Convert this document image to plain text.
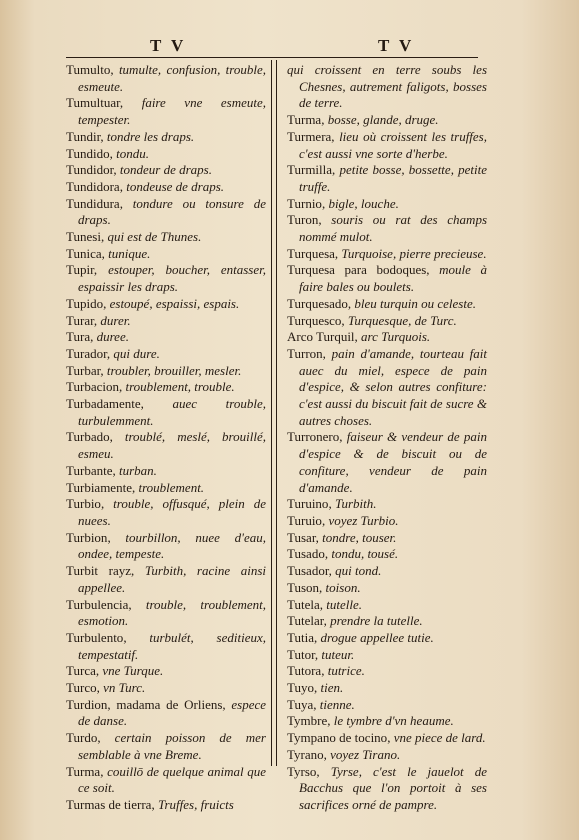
T V	T V
Tumulto, tumulte, confusion, trouble, esmeute.
Tumultuar, faire vne esmeute, tempester.
Tundir, tondre les draps.
Tundido, tondu.
Tundidor, tondeur de draps.
Tundidora, tondeuse de draps.
Tundidura, tondure ou tonsure de draps.
Tunesi, qui est de Thunes.
Tunica, tunique.
Tupir, estouper, boucher, entasser, espaissir les draps.
Tupido, estoupé, espaissi, espais.
Turar, durer.
Tura, duree.
Turador, qui dure.
Turbar, troubler, brouiller, mesler.
Turbacion, troublement, trouble.
Turbadamente, auec trouble, turbulemment.
Turbado, troublé, meslé, brouillé, esmeu.
Turbante, turban.
Turbiamente, troublement.
Turbio, trouble, offusqué, plein de nuees.
Turbion, tourbillon, nuee d'eau, ondee, tempeste.
Turbit rayz, Turbith, racine ainsi appellee.
Turbulencia, trouble, troublement, esmotion.
Turbulento, turbulét, seditieux, tempestatif.
Turca, vne Turque.
Turco, vn Turc.
Turdion, madama de Orliens, espece de danse.
Turdo, certain poisson de mer semblable à vne Breme.
Turma, couillō de quelque animal que ce soit.
Turmas de tierra, Truffes, fruicts
qui croissent en terre soubs les Chesnes, autrement faligots, bosses de terre.
Turma, bosse, glande, druge.
Turmera, lieu où croissent les truffes, c'est aussi vne sorte d'herbe.
Turmilla, petite bosse, bossette, petite truffe.
Turnio, bigle, louche.
Turon, souris ou rat des champs nommé mulot.
Turquesa, Turquoise, pierre precieuse.
Turquesa para bodoques, moule à faire bales ou boulets.
Turquesado, bleu turquin ou celeste.
Turquesco, Turquesque, de Turc.
Arco Turquil, arc Turquois.
Turron, pain d'amande, tourteau fait auec du miel, espece de pain d'espice, & selon autres confiture: c'est aussi du biscuit fait de sucre & autres choses.
Turronero, faiseur & vendeur de pain d'espice & de biscuit ou de confiture, vendeur de pain d'amande.
Turuino, Turbith.
Turuio, voyez Turbio.
Tusar, tondre, touser.
Tusado, tondu, tousé.
Tusador, qui tond.
Tuson, toison.
Tutela, tutelle.
Tutelar, prendre la tutelle.
Tutia, drogue appellee tutie.
Tutor, tuteur.
Tutora, tutrice.
Tuyo, tien.
Tuya, tienne.
Tymbre, le tymbre d'vn heaume.
Tympano de tocino, vne piece de lard.
Tyrano, voyez Tirano.
Tyrso, Tyrse, c'est le jauelot de Bacchus que l'on portoit à ses sacrifices orné de pampre.
